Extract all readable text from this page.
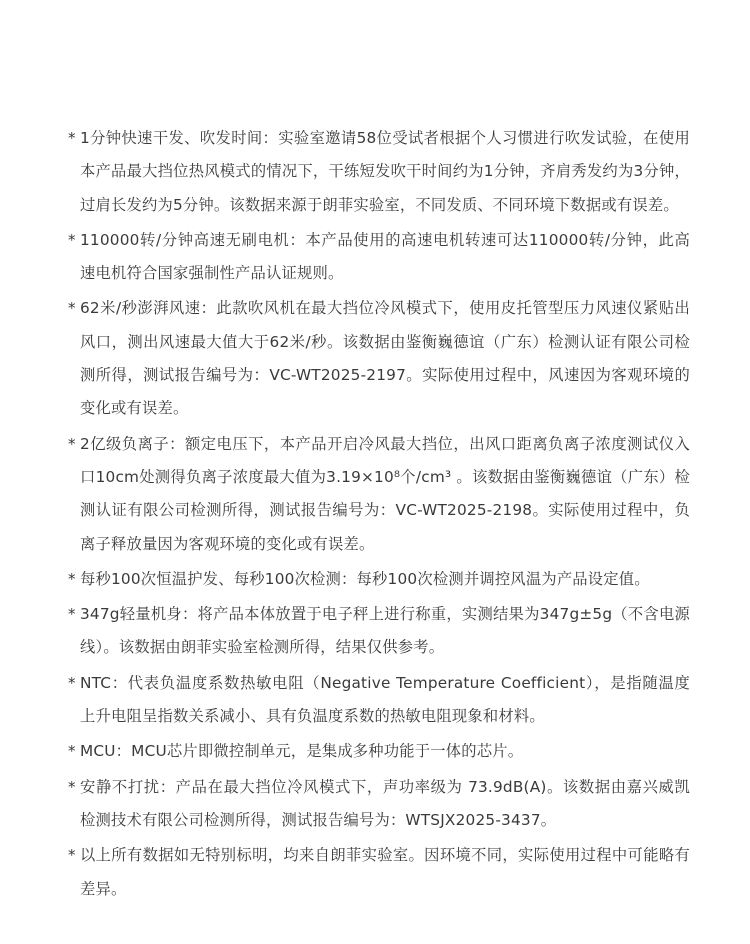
* 1分钟快速干发、吹发时间：实验室邀请58位受试者根据个人习惯进行吹发试验，在使用本产品最大挡位热风模式的情况下，干练短发吹干时间约为1分钟，齐肩秀发约为3分钟，过肩长发约为5分钟。该数据来源于朗菲实验室，不同发质、不同环境下数据或有误差。
* 110000转/分钟高速无刷电机：本产品使用的高速电机转速可达110000转/分钟，此高速电机符合国家强制性产品认证规则。
* 62米/秒澎湃风速：此款吹风机在最大挡位冷风模式下，使用皮托管型压力风速仪紧贴出风口，测出风速最大值大于62米/秒。该数据由鉴衡巍德谊（广东）检测认证有限公司检测所得，测试报告编号为：VC-WT2025-2197。实际使用过程中，风速因为客观环境的变化或有误差。
* 2亿级负离子：额定电压下，本产品开启冷风最大挡位，出风口距离负离子浓度测试仪入口10cm处测得负离子浓度最大值为3.19×10⁸个/cm³ 。该数据由鉴衡巍德谊（广东）检测认证有限公司检测所得，测试报告编号为：VC-WT2025-2198。实际使用过程中，负离子释放量因为客观环境的变化或有误差。
* 每秒100次恒温护发、每秒100次检测：每秒100次检测并调控风温为产品设定值。
* 347g轻量机身：将产品本体放置于电子秤上进行称重，实测结果为347g±5g（不含电源线）。该数据由朗菲实验室检测所得，结果仅供参考。
* NTC：代表负温度系数热敏电阻（Negative Temperature Coefficient），是指随温度上升电阻呈指数关系减小、具有负温度系数的热敏电阻现象和材料。
* MCU：MCU芯片即微控制单元，是集成多种功能于一体的芯片。
* 安静不打扰：产品在最大挡位冷风模式下，声功率级为 73.9dB(A)。该数据由嘉兴威凯检测技术有限公司检测所得，测试报告编号为：WTSJX2025-3437。
* 以上所有数据如无特别标明，均来自朗菲实验室。因环境不同，实际使用过程中可能略有差异。
